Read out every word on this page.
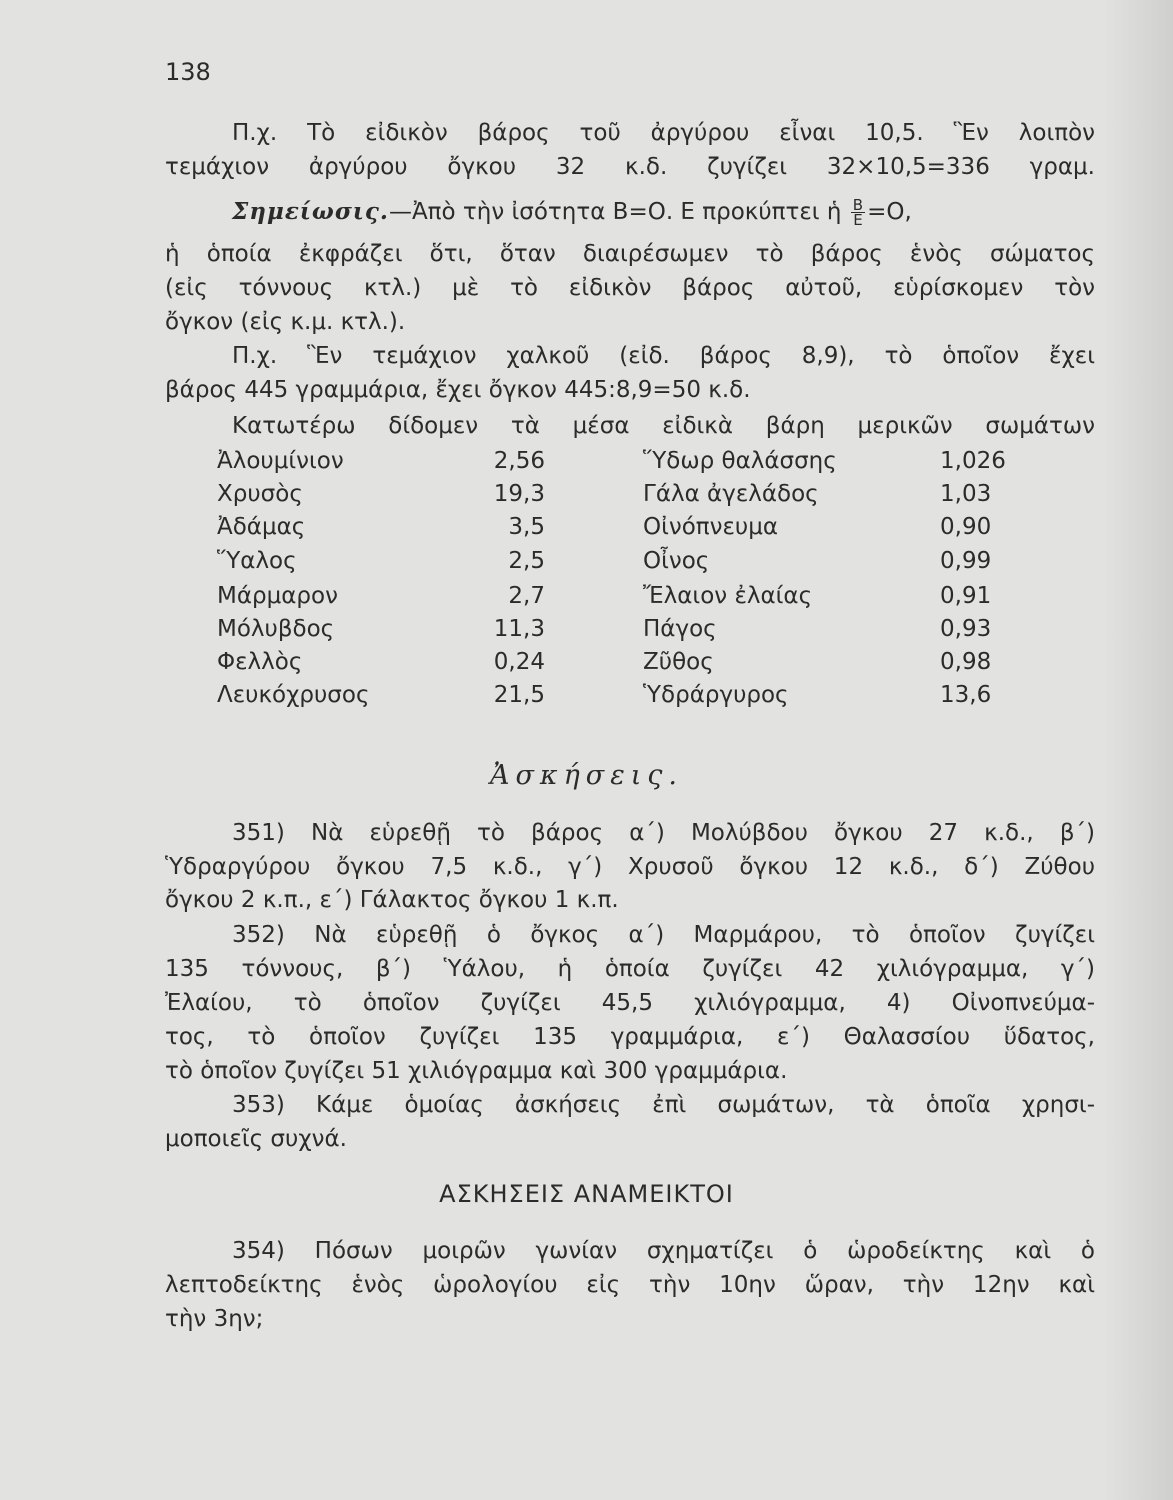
138
Π.χ. Τὸ εἰδικὸν βάρος τοῦ ἀργύρου εἶναι 10,5. Ἓν λοιπὸν
τεμάχιον ἀργύρου ὄγκου 32 κ.δ. ζυγίζει 32×10,5=336 γραμ.
Σημείωσις.—Ἀπὸ τὴν ἰσότητα Β=Ο. Ε προκύπτει ἡ $\frac{B}{E} =O$,
ἡ ὁποία ἐκφράζει ὅτι, ὅταν διαιρέσωμεν τὸ βάρος ἑνὸς σώματος
(εἰς τόννους κτλ.) μὲ τὸ εἰδικὸν βάρος αὐτοῦ, εὑρίσκομεν τὸν
ὄγκον (εἰς κ.μ. κτλ.).
Π.χ. Ἓν τεμάχιον χαλκοῦ (εἰδ. βάρος 8,9), τὸ ὁποῖον ἔχει
βάρος 445 γραμμάρια, ἔχει ὄγκον 445:8,9=50 κ.δ.
Κατωτέρω δίδομεν τὰ μέσα εἰδικὰ βάρη μερικῶν σωμάτων
Ἀλουμίνιον	2,56	Ὕδωρ θαλάσσης	1,026
Χρυσὸς	19,3	Γάλα ἀγελάδος	1,03
Ἀδάμας	3,5	Οἰνόπνευμα	0,90
Ὕαλος	2,5	Οἶνος	0,99
Μάρμαρον	2,7	Ἔλαιον ἐλαίας	0,91
Μόλυβδος	11,3	Πάγος	0,93
Φελλὸς	0,24	Ζῦθος	0,98
Λευκόχρυσος	21,5	Ὑδράργυρος	13,6
Ἀσκήσεις.
351) Νὰ εὑρεθῇ τὸ βάρος α΄) Μολύβδου ὄγκου 27 κ.δ., β΄)
Ὑδραργύρου ὄγκου 7,5 κ.δ., γ΄) Χρυσοῦ ὄγκου 12 κ.δ., δ΄) Ζύθου
ὄγκου 2 κ.π., ε΄) Γάλακτος ὄγκου 1 κ.π.
352) Νὰ εὑρεθῇ ὁ ὄγκος α΄) Μαρμάρου, τὸ ὁποῖον ζυγίζει
135 τόννους, β΄) Ὑάλου, ἡ ὁποία ζυγίζει 42 χιλιόγραμμα, γ΄)
Ἐλαίου, τὸ ὁποῖον ζυγίζει 45,5 χιλιόγραμμα, 4) Οἰνοπνεύμα-
τος, τὸ ὁποῖον ζυγίζει 135 γραμμάρια, ε΄) Θαλασσίου ὕδατος,
τὸ ὁποῖον ζυγίζει 51 χιλιόγραμμα καὶ 300 γραμμάρια.
353) Κάμε ὁμοίας ἀσκήσεις ἐπὶ σωμάτων, τὰ ὁποῖα χρησι-
μοποιεῖς συχνά.
ΑΣΚΗΣΕΙΣ ΑΝΑΜΕΙΚΤΟΙ
354) Πόσων μοιρῶν γωνίαν σχηματίζει ὁ ὡροδείκτης καὶ ὁ
λεπτοδείκτης ἑνὸς ὡρολογίου εἰς τὴν 10ην ὥραν, τὴν 12ην καὶ
τὴν 3ην;
